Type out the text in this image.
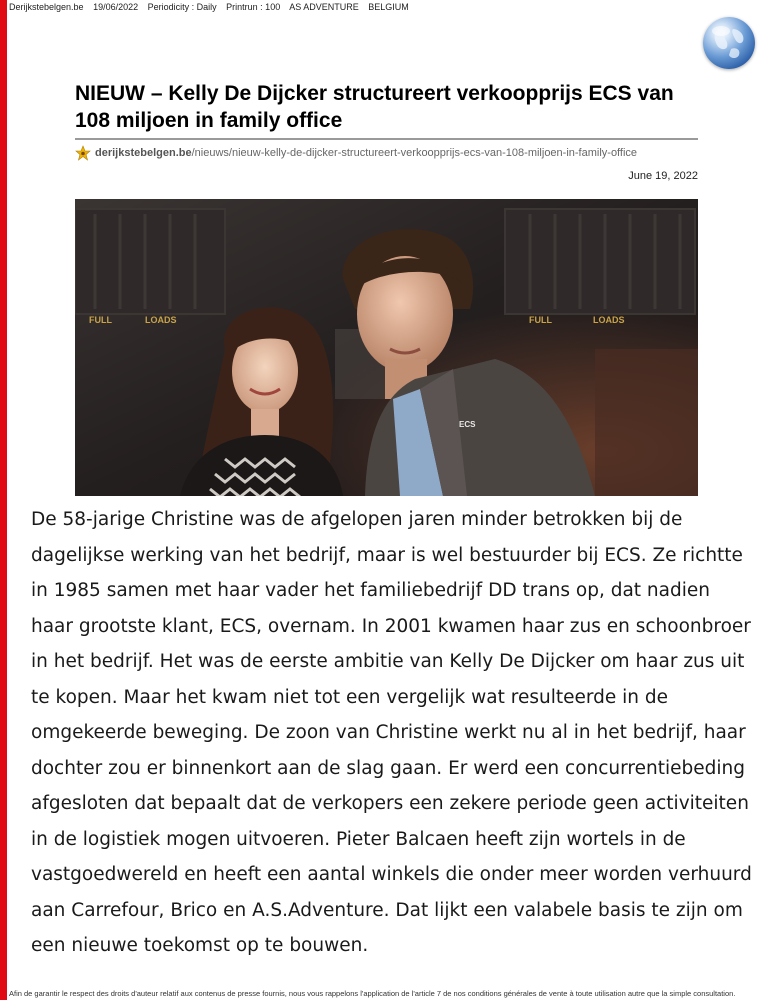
Derijkstebelgen.be 19/06/2022 Periodicity : Daily Printrun : 100 AS ADVENTURE BELGIUM
NIEUW – Kelly De Dijcker structureert verkoopprijs ECS van 108 miljoen in family office
derijkstebelgen.be /nieuws/nieuw-kelly-de-dijcker-structureert-verkoopprijs-ecs-van-108-miljoen-in-family-office
June 19, 2022
FULL	LOADS	FULL	LOADS
ECS

De 58-jarige Christine was de afgelopen jaren minder betrokken bij de
dagelijkse werking van het bedrijf, maar is wel bestuurder bij ECS. Ze richtte
in 1985 samen met haar vader het familiebedrijf DD trans op, dat nadien
haar grootste klant, ECS, overnam. In 2001 kwamen haar zus en schoonbroer
in het bedrijf. Het was de eerste ambitie van Kelly De Dijcker om haar zus uit
te kopen. Maar het kwam niet tot een vergelijk wat resulteerde in de
omgekeerde beweging. De zoon van Christine werkt nu al in het bedrijf, haar
dochter zou er binnenkort aan de slag gaan. Er werd een concurrentiebeding
afgesloten dat bepaalt dat de verkopers een zekere periode geen activiteiten
in de logistiek mogen uitvoeren. Pieter Balcaen heeft zijn wortels in de
vastgoedwereld en heeft een aantal winkels die onder meer worden verhuurd
aan Carrefour, Brico en A.S.Adventure. Dat lijkt een valabele basis te zijn om
een nieuwe toekomst op te bouwen.

Afin de garantir le respect des droits d'auteur relatif aux contenus de presse fournis, nous vous rappelons l'application de l'article 7 de nos conditions générales de vente à toute utilisation autre que la simple consultation.
